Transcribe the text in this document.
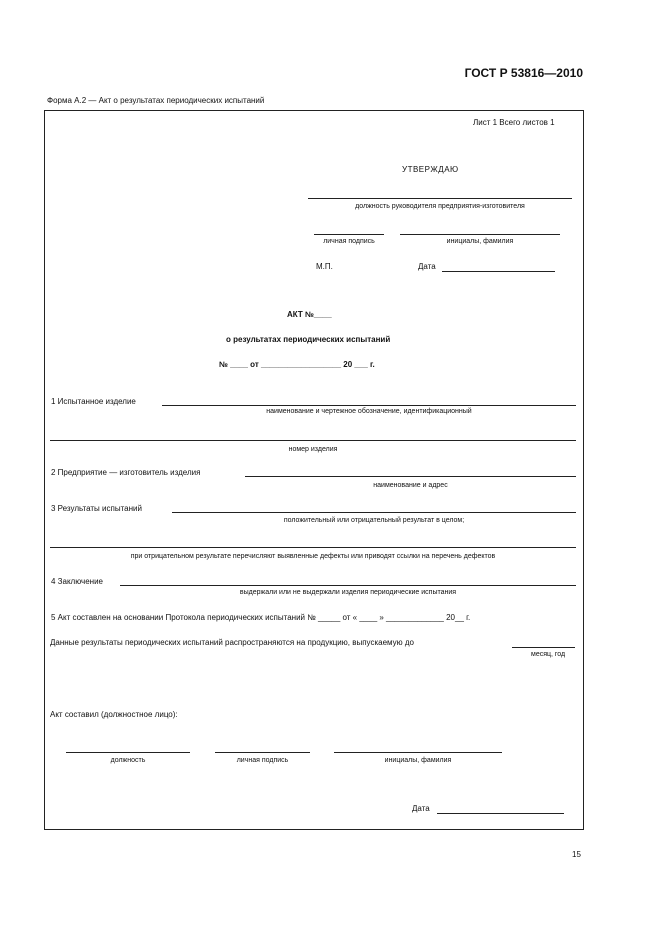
ГОСТ Р 53816—2010
Форма А.2 — Акт о результатах периодических испытаний
Лист 1 Всего листов 1
УТВЕРЖДАЮ
должность руководителя предприятия-изготовителя
личная подпись	инициалы, фамилия
М.П.	Дата
АКТ №____
о результатах периодических испытаний
№ ____ от __________________ 20 ___ г.
1 Испытанное изделие
наименование и чертежное обозначение, идентификационный
номер изделия
2 Предприятие — изготовитель изделия
наименование и адрес
3 Результаты испытаний
положительный или отрицательный результат в целом;
при отрицательном результате перечисляют выявленные дефекты или приводят ссылки на перечень дефектов
4 Заключение
выдержали или не выдержали изделия периодические испытания
5 Акт составлен на основании Протокола периодических испытаний № _____ от « ____ » _____________ 20__ г.
Данные результаты периодических испытаний распространяются на продукцию, выпускаемую до
месяц, год
Акт составил (должностное лицо):
должность	личная подпись	инициалы, фамилия
Дата
15
